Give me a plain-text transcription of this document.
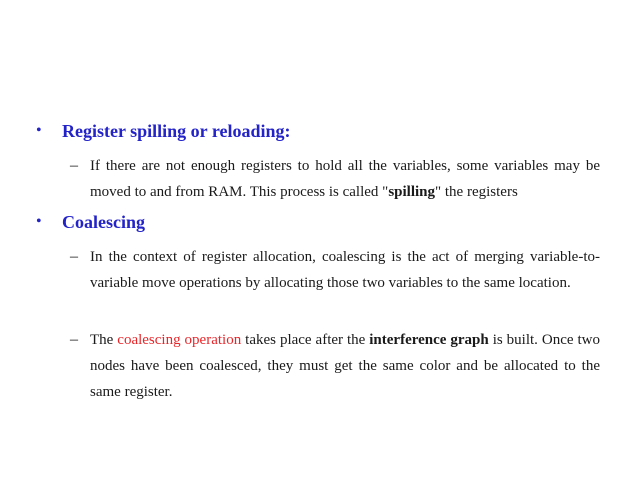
•	Register spilling or reloading:
– If there are not enough registers to hold all the variables, some variables may be moved to and from RAM. This process is called "spilling" the registers
•	Coalescing
– In the context of register allocation, coalescing is the act of merging variable-to-variable move operations by allocating those two variables to the same location.
– The coalescing operation takes place after the interference graph is built. Once two nodes have been coalesced, they must get the same color and be allocated to the same register.
